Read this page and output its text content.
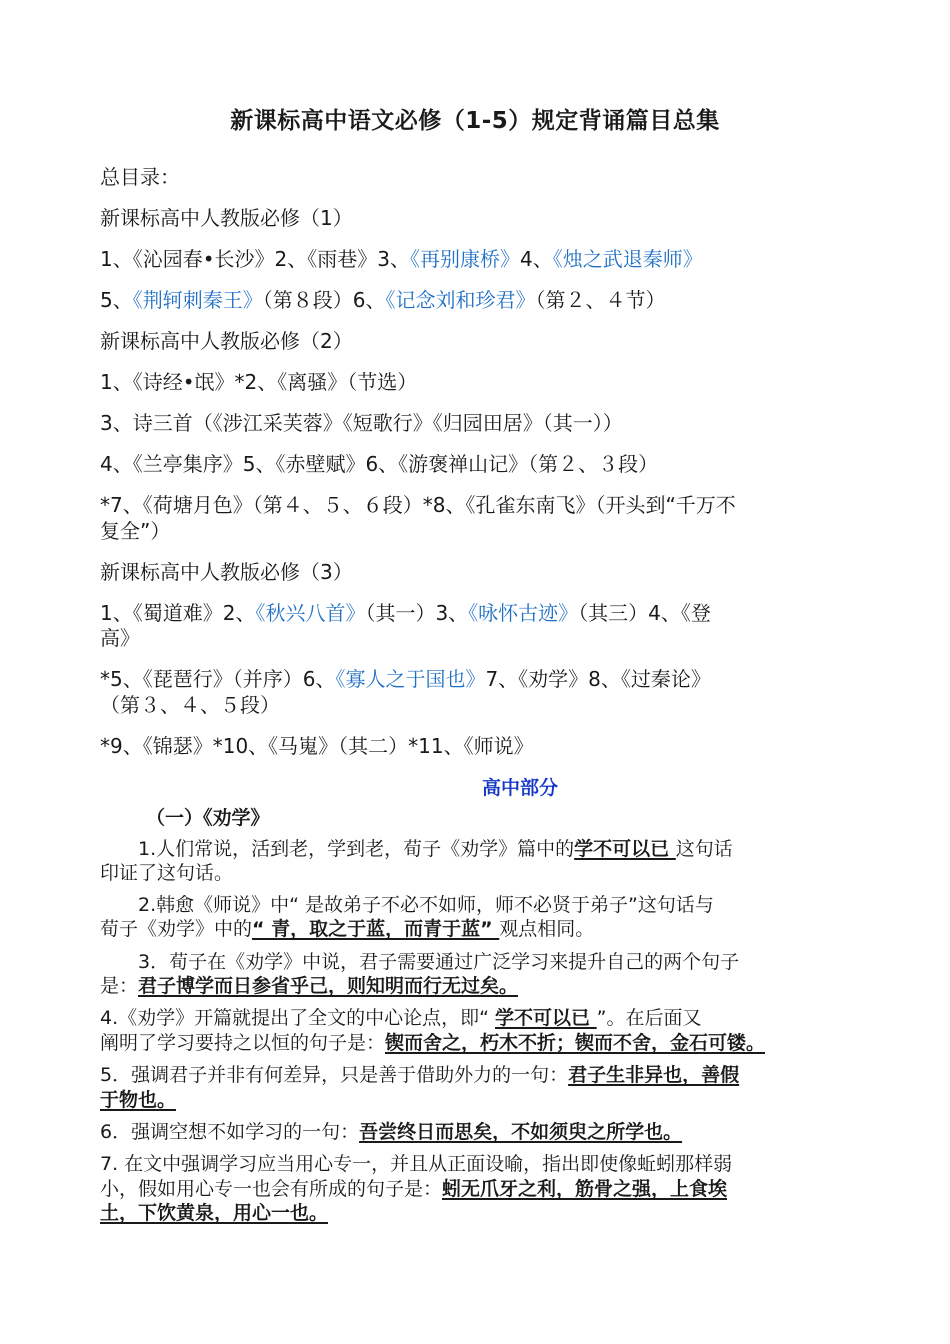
新课标高中语文必修（1-5）规定背诵篇目总集
总目录：
新课标高中人教版必修（1）
1、《沁园春•长沙》2、《雨巷》3、《再别康桥》4、《烛之武退秦师》
5、《荆轲刺秦王》（第８段）6、《记念刘和珍君》（第２、４节）
新课标高中人教版必修（2）
1、《诗经•氓》*2、《离骚》（节选）
3、诗三首（《涉江采芙蓉》《短歌行》《归园田居》（其一））
4、《兰亭集序》5、《赤壁赋》6、《游褒禅山记》（第２、３段）
*7、《荷塘月色》（第４、５、６段）*8、《孔雀东南飞》（开头到“千万不
复全”）
新课标高中人教版必修（3）
1、《蜀道难》2、《秋兴八首》（其一）3、《咏怀古迹》（其三）4、《登
高》
*5、《琵琶行》（并序）6、《寡人之于国也》7、《劝学》8、《过秦论》
（第３、４、５段）
*9、《锦瑟》*10、《马嵬》（其二）*11、《师说》
高中部分
（一）《劝学》
　　1.人们常说，活到老，学到老，荀子《劝学》篇中的学不可以已 这句话
印证了这句话。
　　2.韩愈《师说》中“ 是故弟子不必不如师，师不必贤于弟子”这句话与
荀子《劝学》中的“ 青，取之于蓝，而青于蓝” 观点相同。
　　3．荀子在《劝学》中说，君子需要通过广泛学习来提升自己的两个句子
是：君子博学而日参省乎己，则知明而行无过矣。
4.《劝学》开篇就提出了全文的中心论点，即“ 学不可以已 ”。在后面又
阐明了学习要持之以恒的句子是：锲而舍之，朽木不折；锲而不舍，金石可镂。
5．强调君子并非有何差异，只是善于借助外力的一句：君子生非异也，善假
于物也。
6．强调空想不如学习的一句：吾尝终日而思矣，不如须臾之所学也。
7. 在文中强调学习应当用心专一，并且从正面设喻，指出即使像蚯蚓那样弱
小，假如用心专一也会有所成的句子是：蚓无爪牙之利，筋骨之强，上食埃
土，下饮黄泉，用心一也。
